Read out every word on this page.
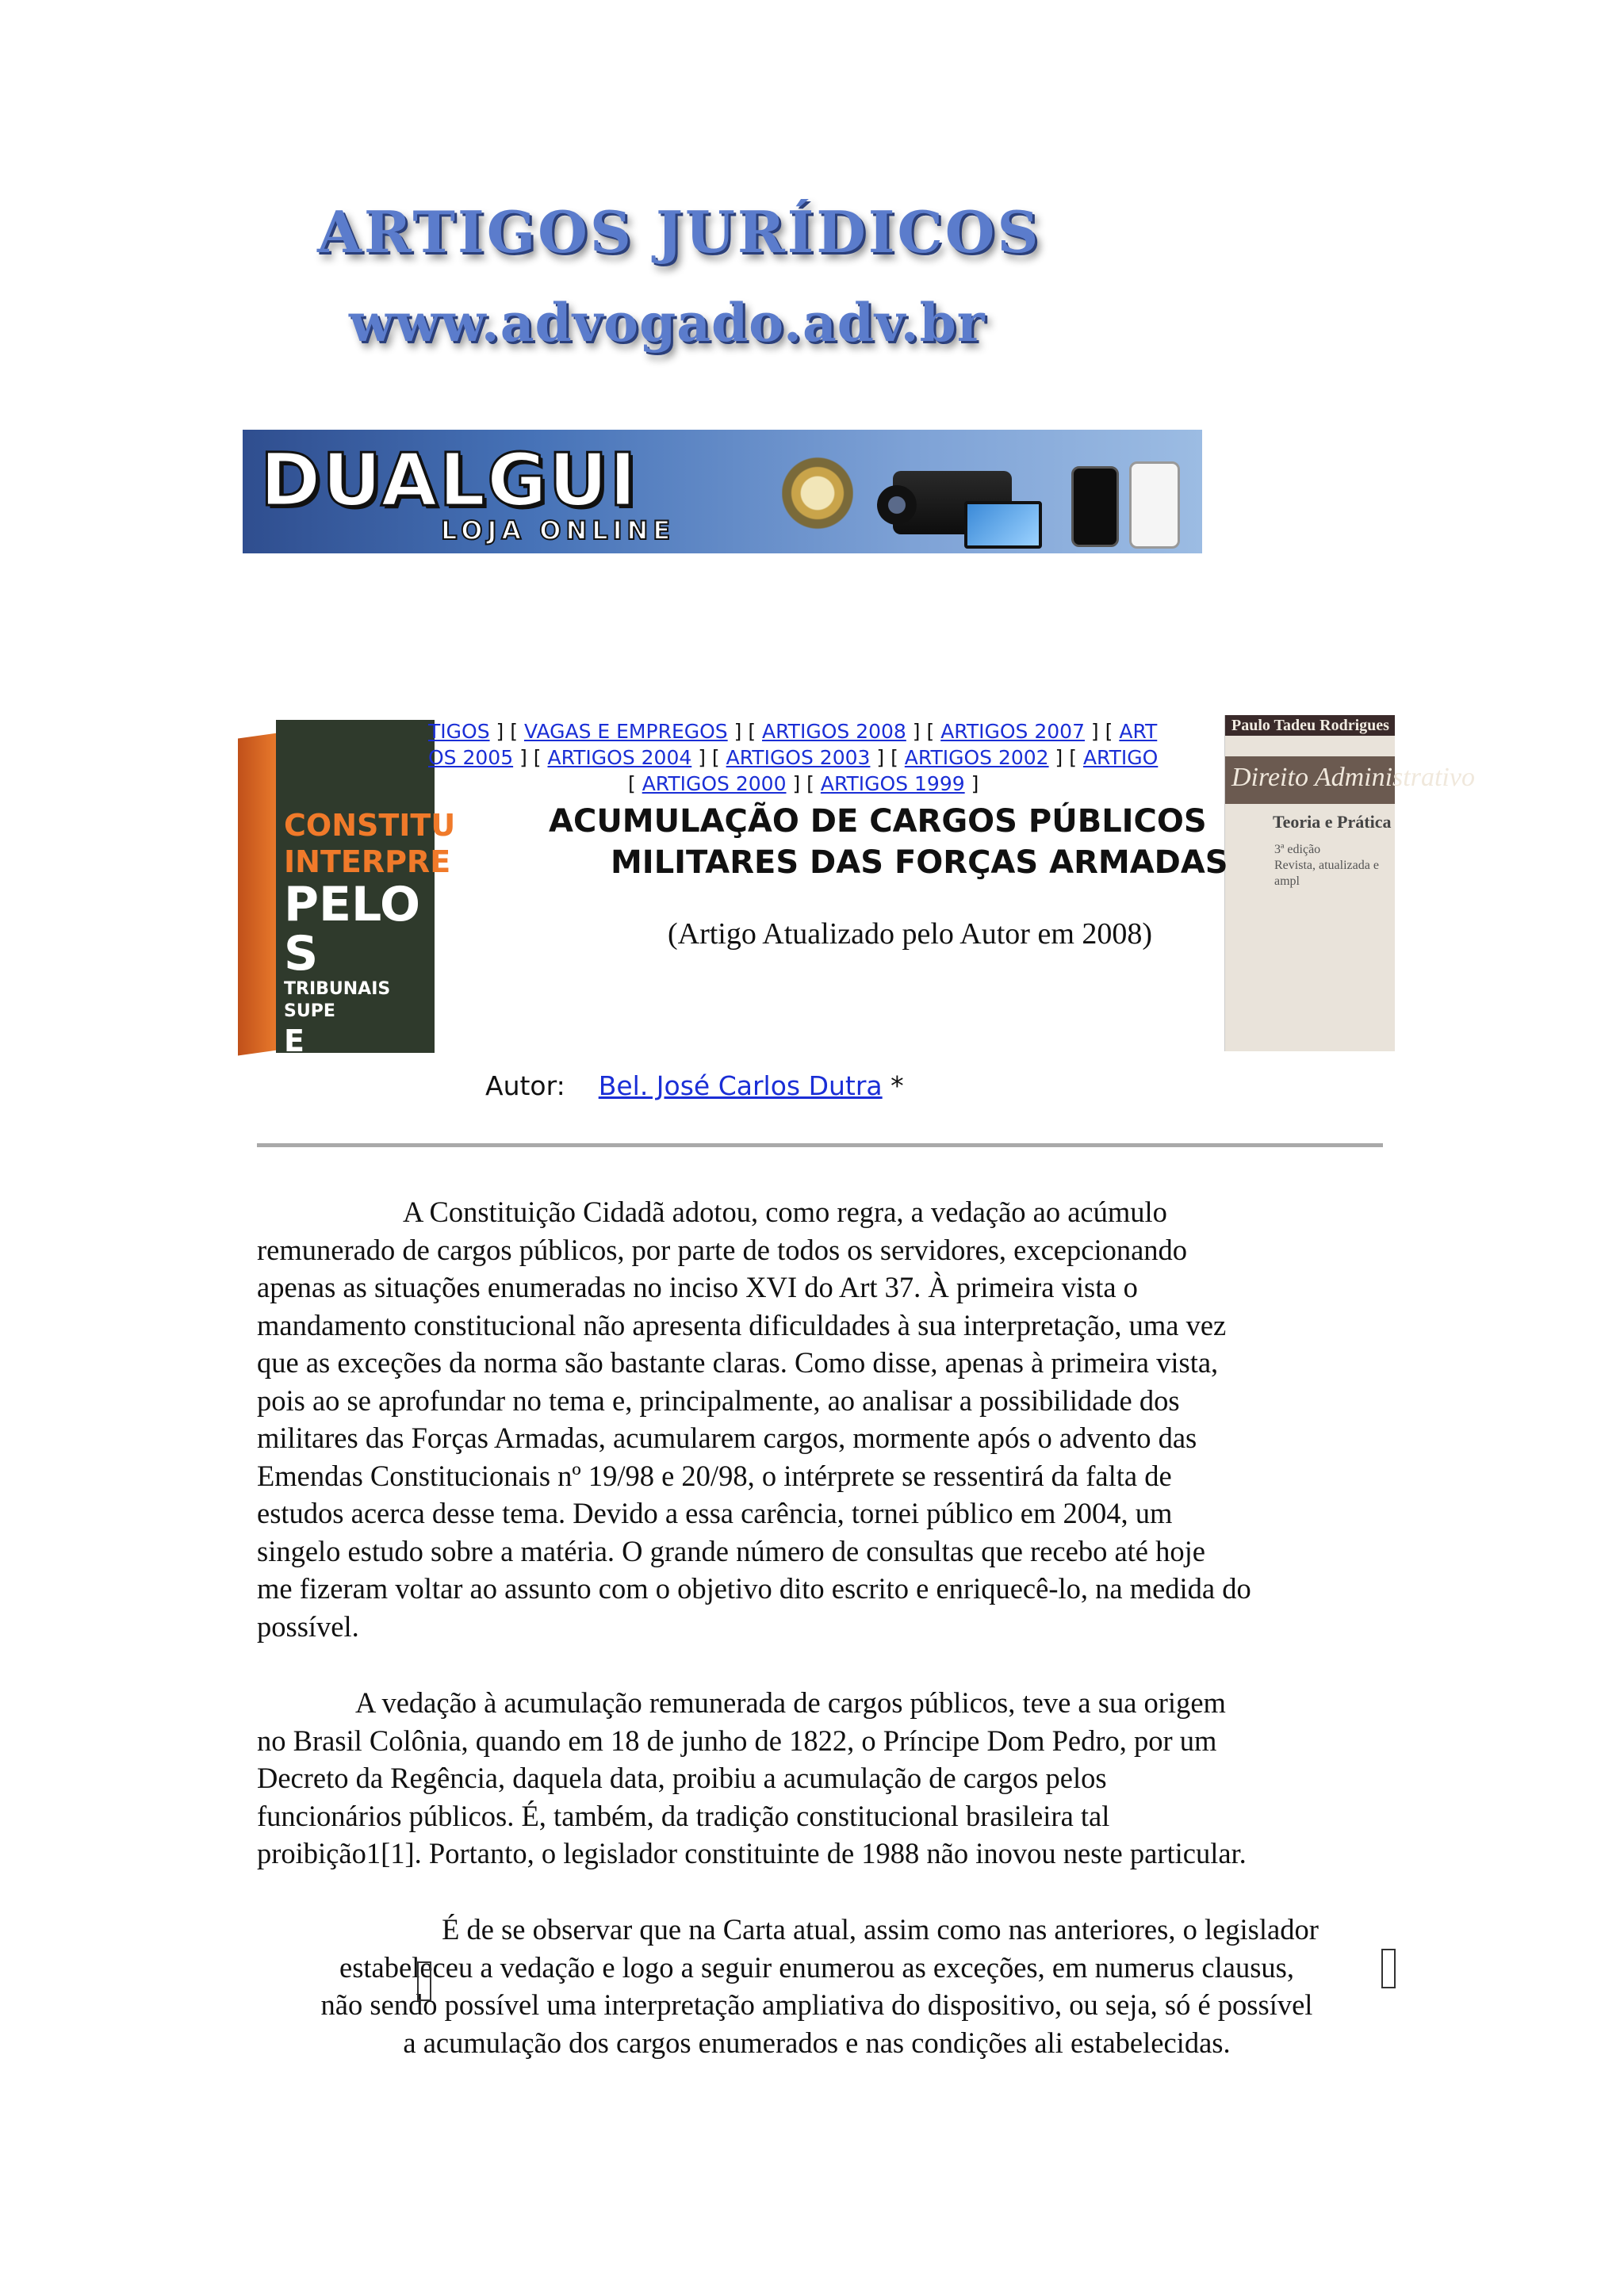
ARTIGOS JURÍDICOS
www.advogado.adv.br
DUALGUI
LOJA ONLINE
CONSTITU
INTERPRE
PELO S
TRIBUNAIS SUPE
E TEXTOS L
Paulo Tadeu Rodrigues
Direito Administrativo
Teoria e Prática
3ª edição
Revista, atualizada e ampl
TIGOS ] [ VAGAS E EMPREGOS ] [ ARTIGOS 2008 ] [ ARTIGOS 2007 ] [ ART
OS 2005 ] [ ARTIGOS 2004 ] [ ARTIGOS 2003 ] [ ARTIGOS 2002 ] [ ARTIGO
[ ARTIGOS 2000 ] [ ARTIGOS 1999 ]
ACUMULAÇÃO DE CARGOS PÚBLICOS
MILITARES DAS FORÇAS ARMADAS
(Artigo Atualizado pelo Autor em 2008)
Autor: Bel. José Carlos Dutra *
A Constituição Cidadã adotou, como regra, a vedação ao acúmulo
remunerado de cargos públicos, por parte de todos os servidores, excepcionando
apenas as situações enumeradas no inciso XVI do Art 37. À primeira vista o
mandamento constitucional não apresenta dificuldades à sua interpretação, uma vez
que as exceções da norma são bastante claras. Como disse, apenas à primeira vista,
pois ao se aprofundar no tema e, principalmente, ao analisar a possibilidade dos
militares das Forças Armadas, acumularem cargos, mormente após o advento das
Emendas Constitucionais nº 19/98 e 20/98, o intérprete se ressentirá da falta de
estudos acerca desse tema. Devido a essa carência, tornei público em 2004, um
singelo estudo sobre a matéria. O grande número de consultas que recebo até hoje
me fizeram voltar ao assunto com o objetivo dito escrito e enriquecê-lo, na medida do
possível.
A vedação à acumulação remunerada de cargos públicos, teve a sua origem
no Brasil Colônia, quando em 18 de junho de 1822, o Príncipe Dom Pedro, por um
Decreto da Regência, daquela data, proibiu a acumulação de cargos pelos
funcionários públicos. É, também, da tradição constitucional brasileira tal
proibição1[1]. Portanto, o legislador constituinte de 1988 não inovou neste particular.
É de se observar que na Carta atual, assim como nas anteriores, o legislador
estabeleceu a vedação e logo a seguir enumerou as exceções, em numerus clausus,
não sendo possível uma interpretação ampliativa do dispositivo, ou seja, só é possível
a acumulação dos cargos enumerados e nas condições ali estabelecidas.
